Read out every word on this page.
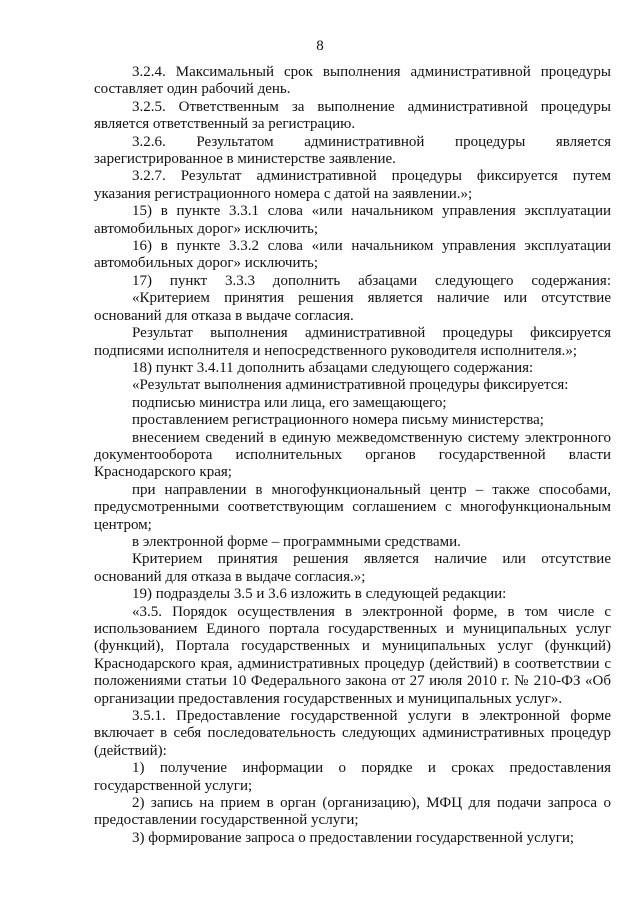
8

3.2.4. Максимальный срок выполнения административной процедуры составляет один рабочий день.

3.2.5. Ответственным за выполнение административной процедуры является ответственный за регистрацию.

3.2.6. Результатом административной процедуры является зарегистрированное в министерстве заявление.

3.2.7. Результат административной процедуры фиксируется путем указания регистрационного номера с датой на заявлении.»;

15) в пункте 3.3.1 слова «или начальником управления эксплуатации автомобильных дорог» исключить;

16) в пункте 3.3.2 слова «или начальником управления эксплуатации автомобильных дорог» исключить;

17) пункт 3.3.3 дополнить абзацами следующего содержания:

«Критерием принятия решения является наличие или отсутствие оснований для отказа в выдаче согласия.

Результат выполнения административной процедуры фиксируется подписями исполнителя и непосредственного руководителя исполнителя.»;

18) пункт 3.4.11 дополнить абзацами следующего содержания:

«Результат выполнения административной процедуры фиксируется:

подписью министра или лица, его замещающего;

проставлением регистрационного номера письму министерства;

внесением сведений в единую межведомственную систему электронного документооборота исполнительных органов государственной власти Краснодарского края;

при направлении в многофункциональный центр – также способами, предусмотренными соответствующим соглашением с многофункциональным центром;

в электронной форме – программными средствами.

Критерием принятия решения является наличие или отсутствие оснований для отказа в выдаче согласия.»;

19) подразделы 3.5 и 3.6 изложить в следующей редакции:

«3.5. Порядок осуществления в электронной форме, в том числе с использованием Единого портала государственных и муниципальных услуг (функций), Портала государственных и муниципальных услуг (функций) Краснодарского края, административных процедур (действий) в соответствии с положениями статьи 10 Федерального закона от 27 июля 2010 г. № 210-ФЗ «Об организации предоставления государственных и муниципальных услуг».

3.5.1. Предоставление государственной услуги в электронной форме включает в себя последовательность следующих административных процедур (действий):

1) получение информации о порядке и сроках предоставления государственной услуги;

2) запись на прием в орган (организацию), МФЦ для подачи запроса о предоставлении государственной услуги;

3) формирование запроса о предоставлении государственной услуги;
